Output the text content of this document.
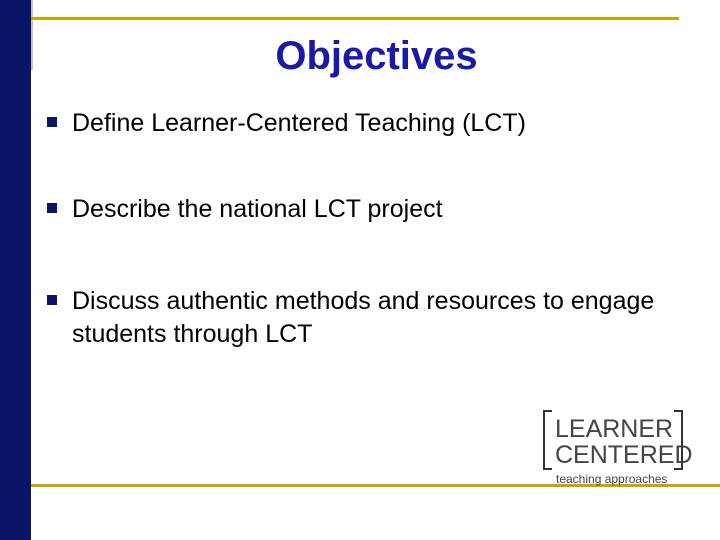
Objectives
Define Learner-Centered Teaching (LCT)
Describe the national LCT project
Discuss authentic methods and resources to engage students through LCT
LEARNER
CENTERED
teaching approaches
